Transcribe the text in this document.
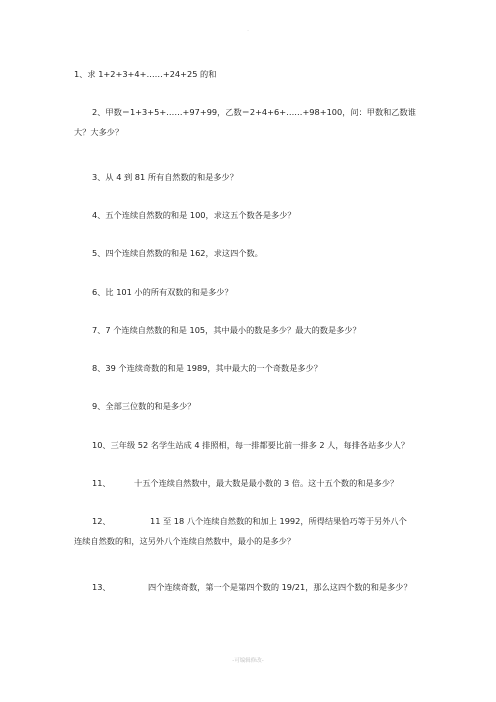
·
1、求 1+2+3+4+……+24+25 的和
2、甲数＝1+3+5+……+97+99，乙数＝2+4+6+……+98+100，问：甲数和乙数谁
大？大多少？
3、从 4 到 81 所有自然数的和是多少？
4、五个连续自然数的和是 100，求这五个数各是多少？
5、四个连续自然数的和是 162，求这四个数。
6、比 101 小的所有双数的和是多少？
7、7 个连续自然数的和是 105，其中最小的数是多少？最大的数是多少？
8、39 个连续奇数的和是 1989，其中最大的一个奇数是多少？
9、全部三位数的和是多少？
10、三年级 52 名学生站成 4 排照相，每一排都要比前一排多 2 人，每排各站多少人？
11、	十五个连续自然数中，最大数是最小数的 3 倍。这十五个数的和是多少？
12、	11 至 18 八个连续自然数的和加上 1992，所得结果恰巧等于另外八个
连续自然数的和，这另外八个连续自然数中，最小的是多少？
13、	四个连续奇数，第一个是第四个数的 19/21，那么这四个数的和是多少？
-可编辑修改-
